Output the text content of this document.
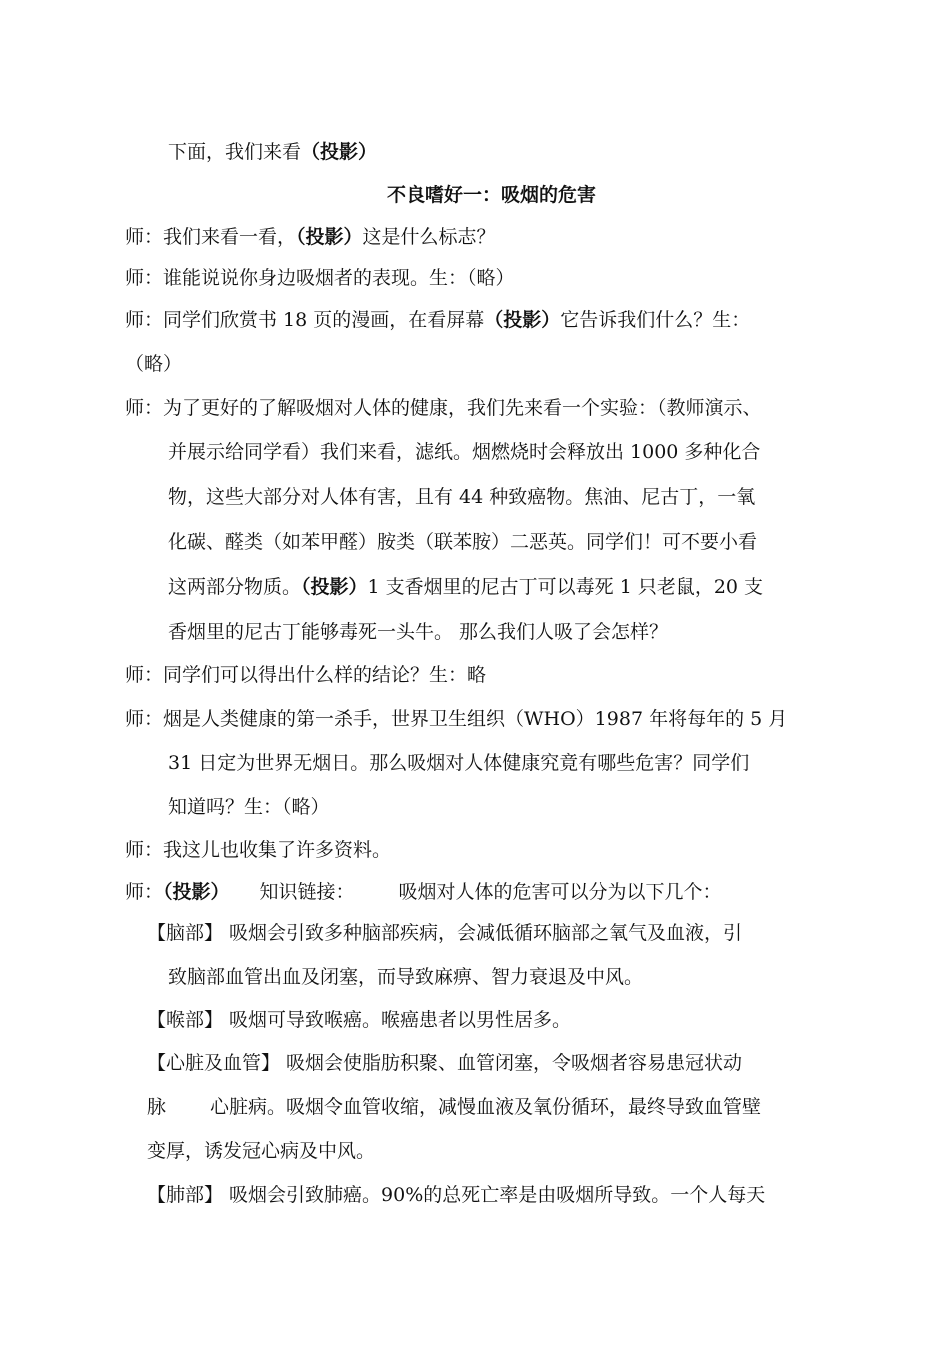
下面，我们来看（投影）
不良嗜好一：吸烟的危害
师：我们来看一看，（投影）这是什么标志？
师：谁能说说你身边吸烟者的表现。生：（略）
师：同学们欣赏书 18 页的漫画，在看屏幕（投影）它告诉我们什么？生：
（略）
师：为了更好的了解吸烟对人体的健康，我们先来看一个实验：（教师演示、
并展示给同学看）我们来看，滤纸。烟燃烧时会释放出 1000 多种化合
物，这些大部分对人体有害，且有 44 种致癌物。焦油、尼古丁，一氧
化碳、醛类（如苯甲醛）胺类（联苯胺）二恶英。同学们！可不要小看
这两部分物质。（投影）1 支香烟里的尼古丁可以毒死 1 只老鼠，20 支
香烟里的尼古丁能够毒死一头牛。 那么我们人吸了会怎样？
师：同学们可以得出什么样的结论？生：略
师：烟是人类健康的第一杀手，世界卫生组织（WHO）1987 年将每年的 5 月
31 日定为世界无烟日。那么吸烟对人体健康究竟有哪些危害？同学们
知道吗？生：（略）
师：我这儿也收集了许多资料。
师：（投影） 知识链接： 吸烟对人体的危害可以分为以下几个：
【脑部】 吸烟会引致多种脑部疾病，会减低循环脑部之氧气及血液，引
致脑部血管出血及闭塞，而导致麻痹、智力衰退及中风。
【喉部】 吸烟可导致喉癌。喉癌患者以男性居多。
【心脏及血管】 吸烟会使脂肪积聚、血管闭塞，令吸烟者容易患冠状动
脉 心脏病。吸烟令血管收缩，减慢血液及氧份循环，最终导致血管壁
变厚，诱发冠心病及中风。
【肺部】 吸烟会引致肺癌。90%的总死亡率是由吸烟所导致。一个人每天
